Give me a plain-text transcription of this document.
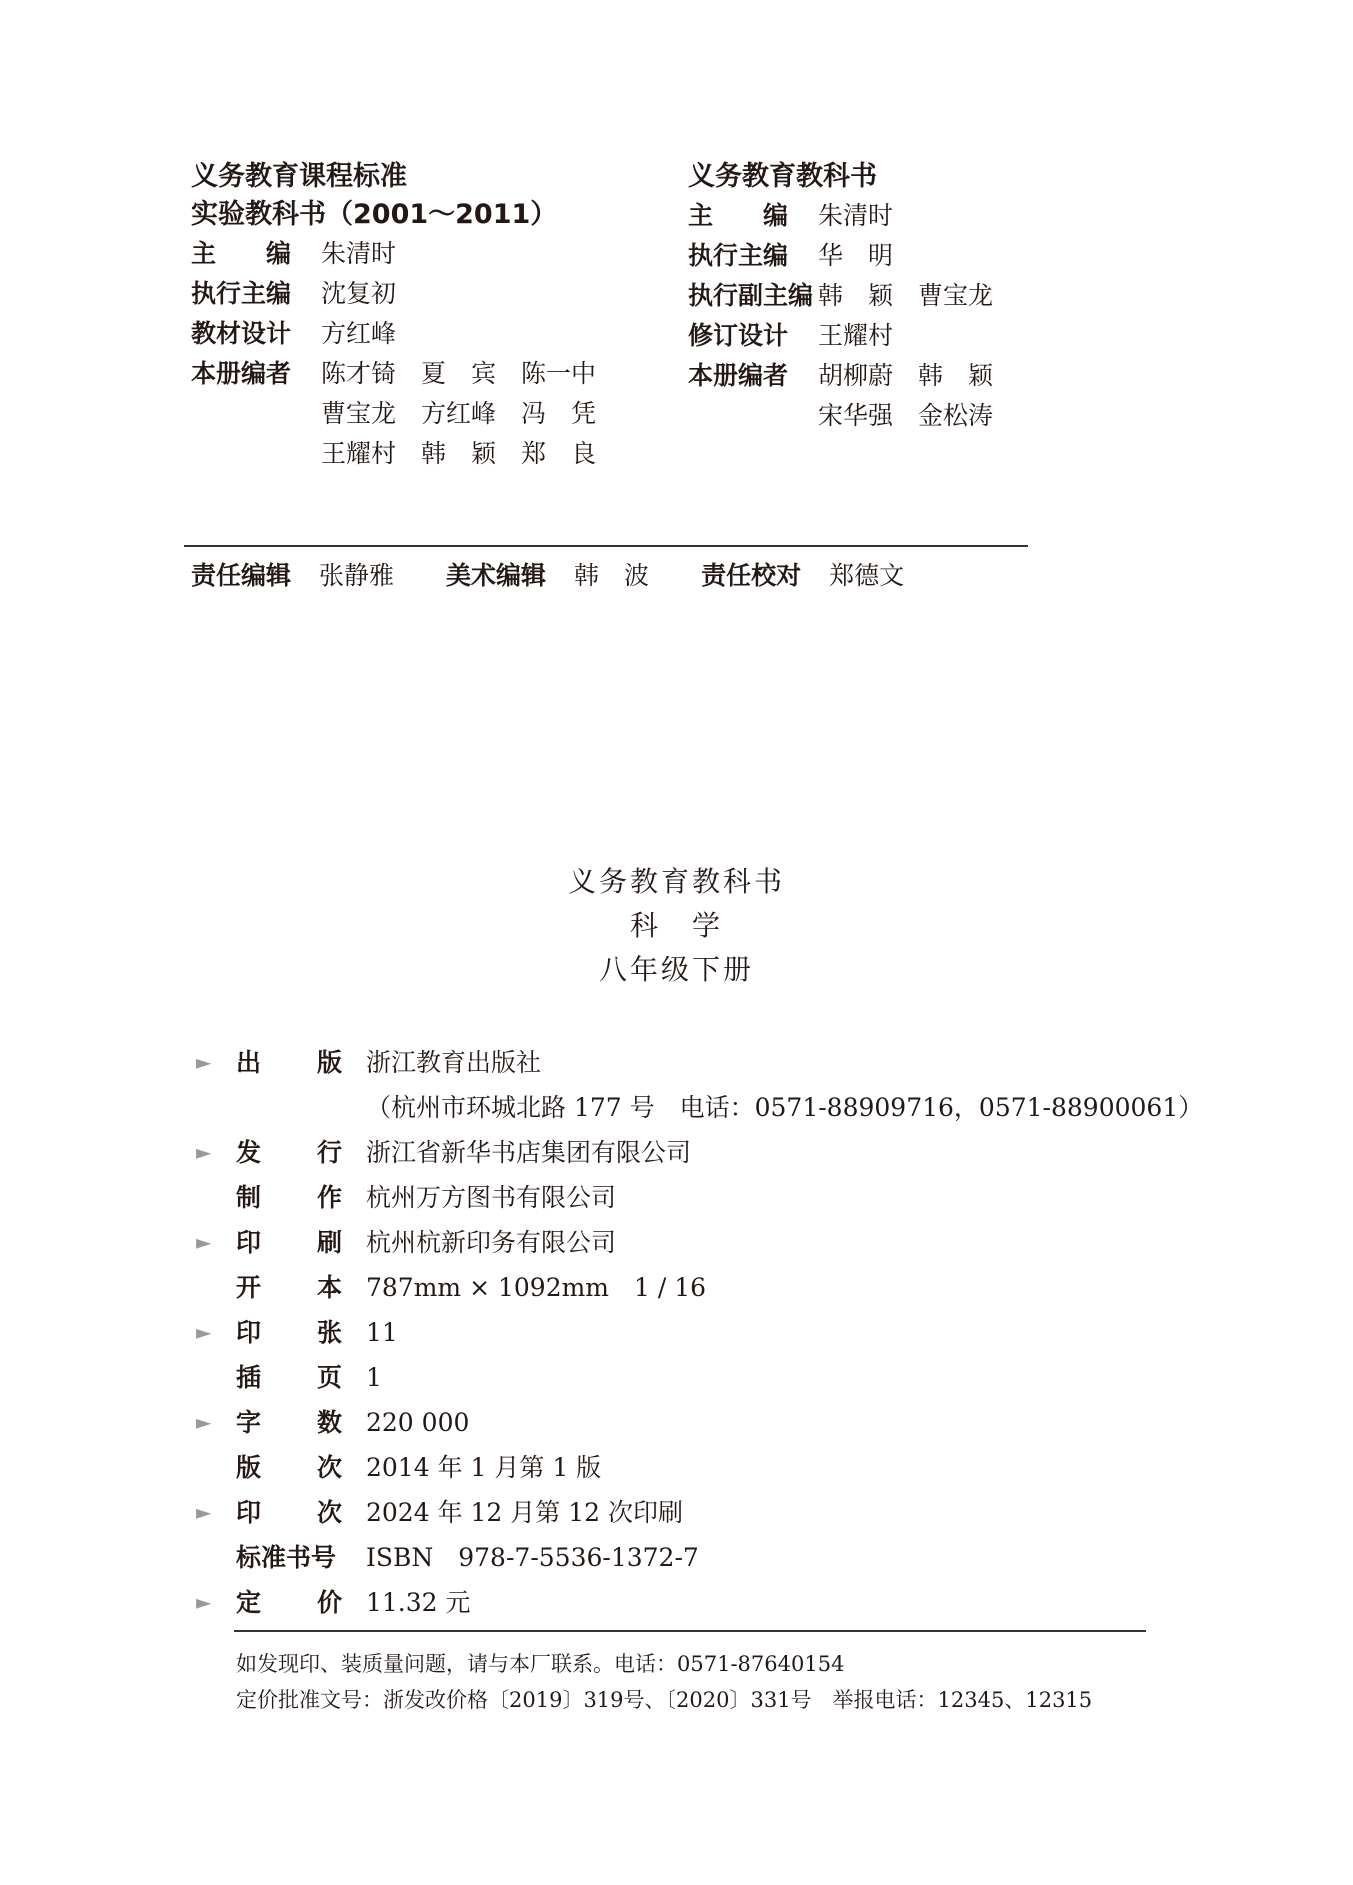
义务教育课程标准
实验教科书（2001～2011）
主　　编	朱清时
执行主编	沈复初
教材设计	方红峰
本册编者	陈才锜　夏　宾　陈一中
曹宝龙　方红峰　冯　凭
王耀村　韩　颖　郑　良
义务教育教科书
主　　编	朱清时
执行主编	华　明
执行副主编 韩　颖　曹宝龙
修订设计	王耀村
本册编者	胡柳蔚　韩　颖
宋华强　金松涛
责任编辑 张静雅 美术编辑 韩　波 责任校对 郑德文
义务教育教科书
科　学
八年级下册
► 出 版 浙江教育出版社
（杭州市环城北路 177 号　电话：0571-88909716，0571-88900061）
► 发 行 浙江省新华书店集团有限公司
制 作 杭州万方图书有限公司
► 印 刷 杭州杭新印务有限公司
开 本 787mm × 1092mm　1 / 16
► 印 张 11
插 页 1
► 字 数 220 000
版 次 2014 年 1 月第 1 版
► 印 次 2024 年 12 月第 12 次印刷
标准书号 ISBN　978-7-5536-1372-7
► 定 价 11.32 元
如发现印、装质量问题，请与本厂联系。电话：0571-87640154
定价批准文号：浙发改价格〔2019〕319号、〔2020〕331号　举报电话：12345、12315
